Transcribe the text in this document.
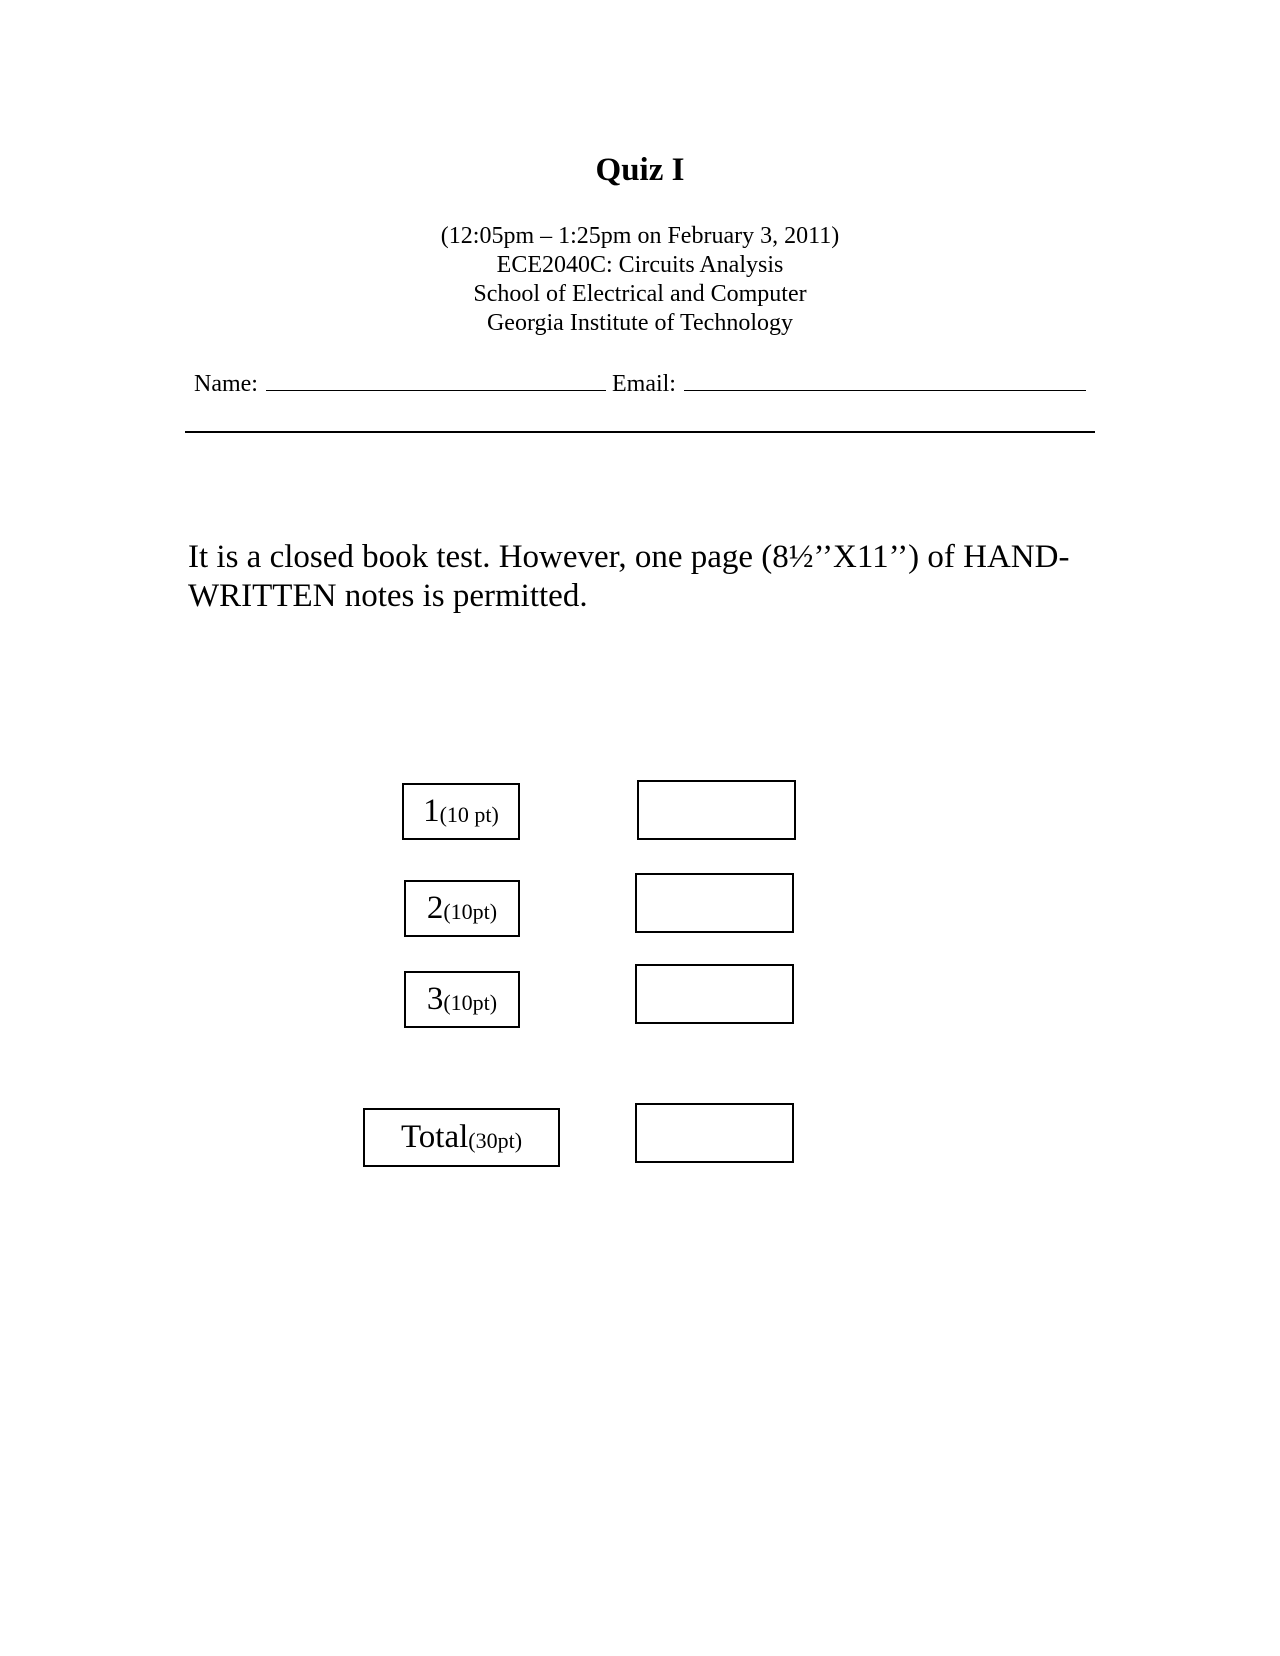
Quiz I
(12:05pm – 1:25pm on February 3, 2011)
ECE2040C: Circuits Analysis
School of Electrical and Computer
Georgia Institute of Technology
Name:	Email:
It is a closed book test. However, one page (8½’’X11’’) of HAND-WRITTEN notes is permitted.
1 (10 pt)
2 (10pt)
3 (10pt)
Total (30pt)
